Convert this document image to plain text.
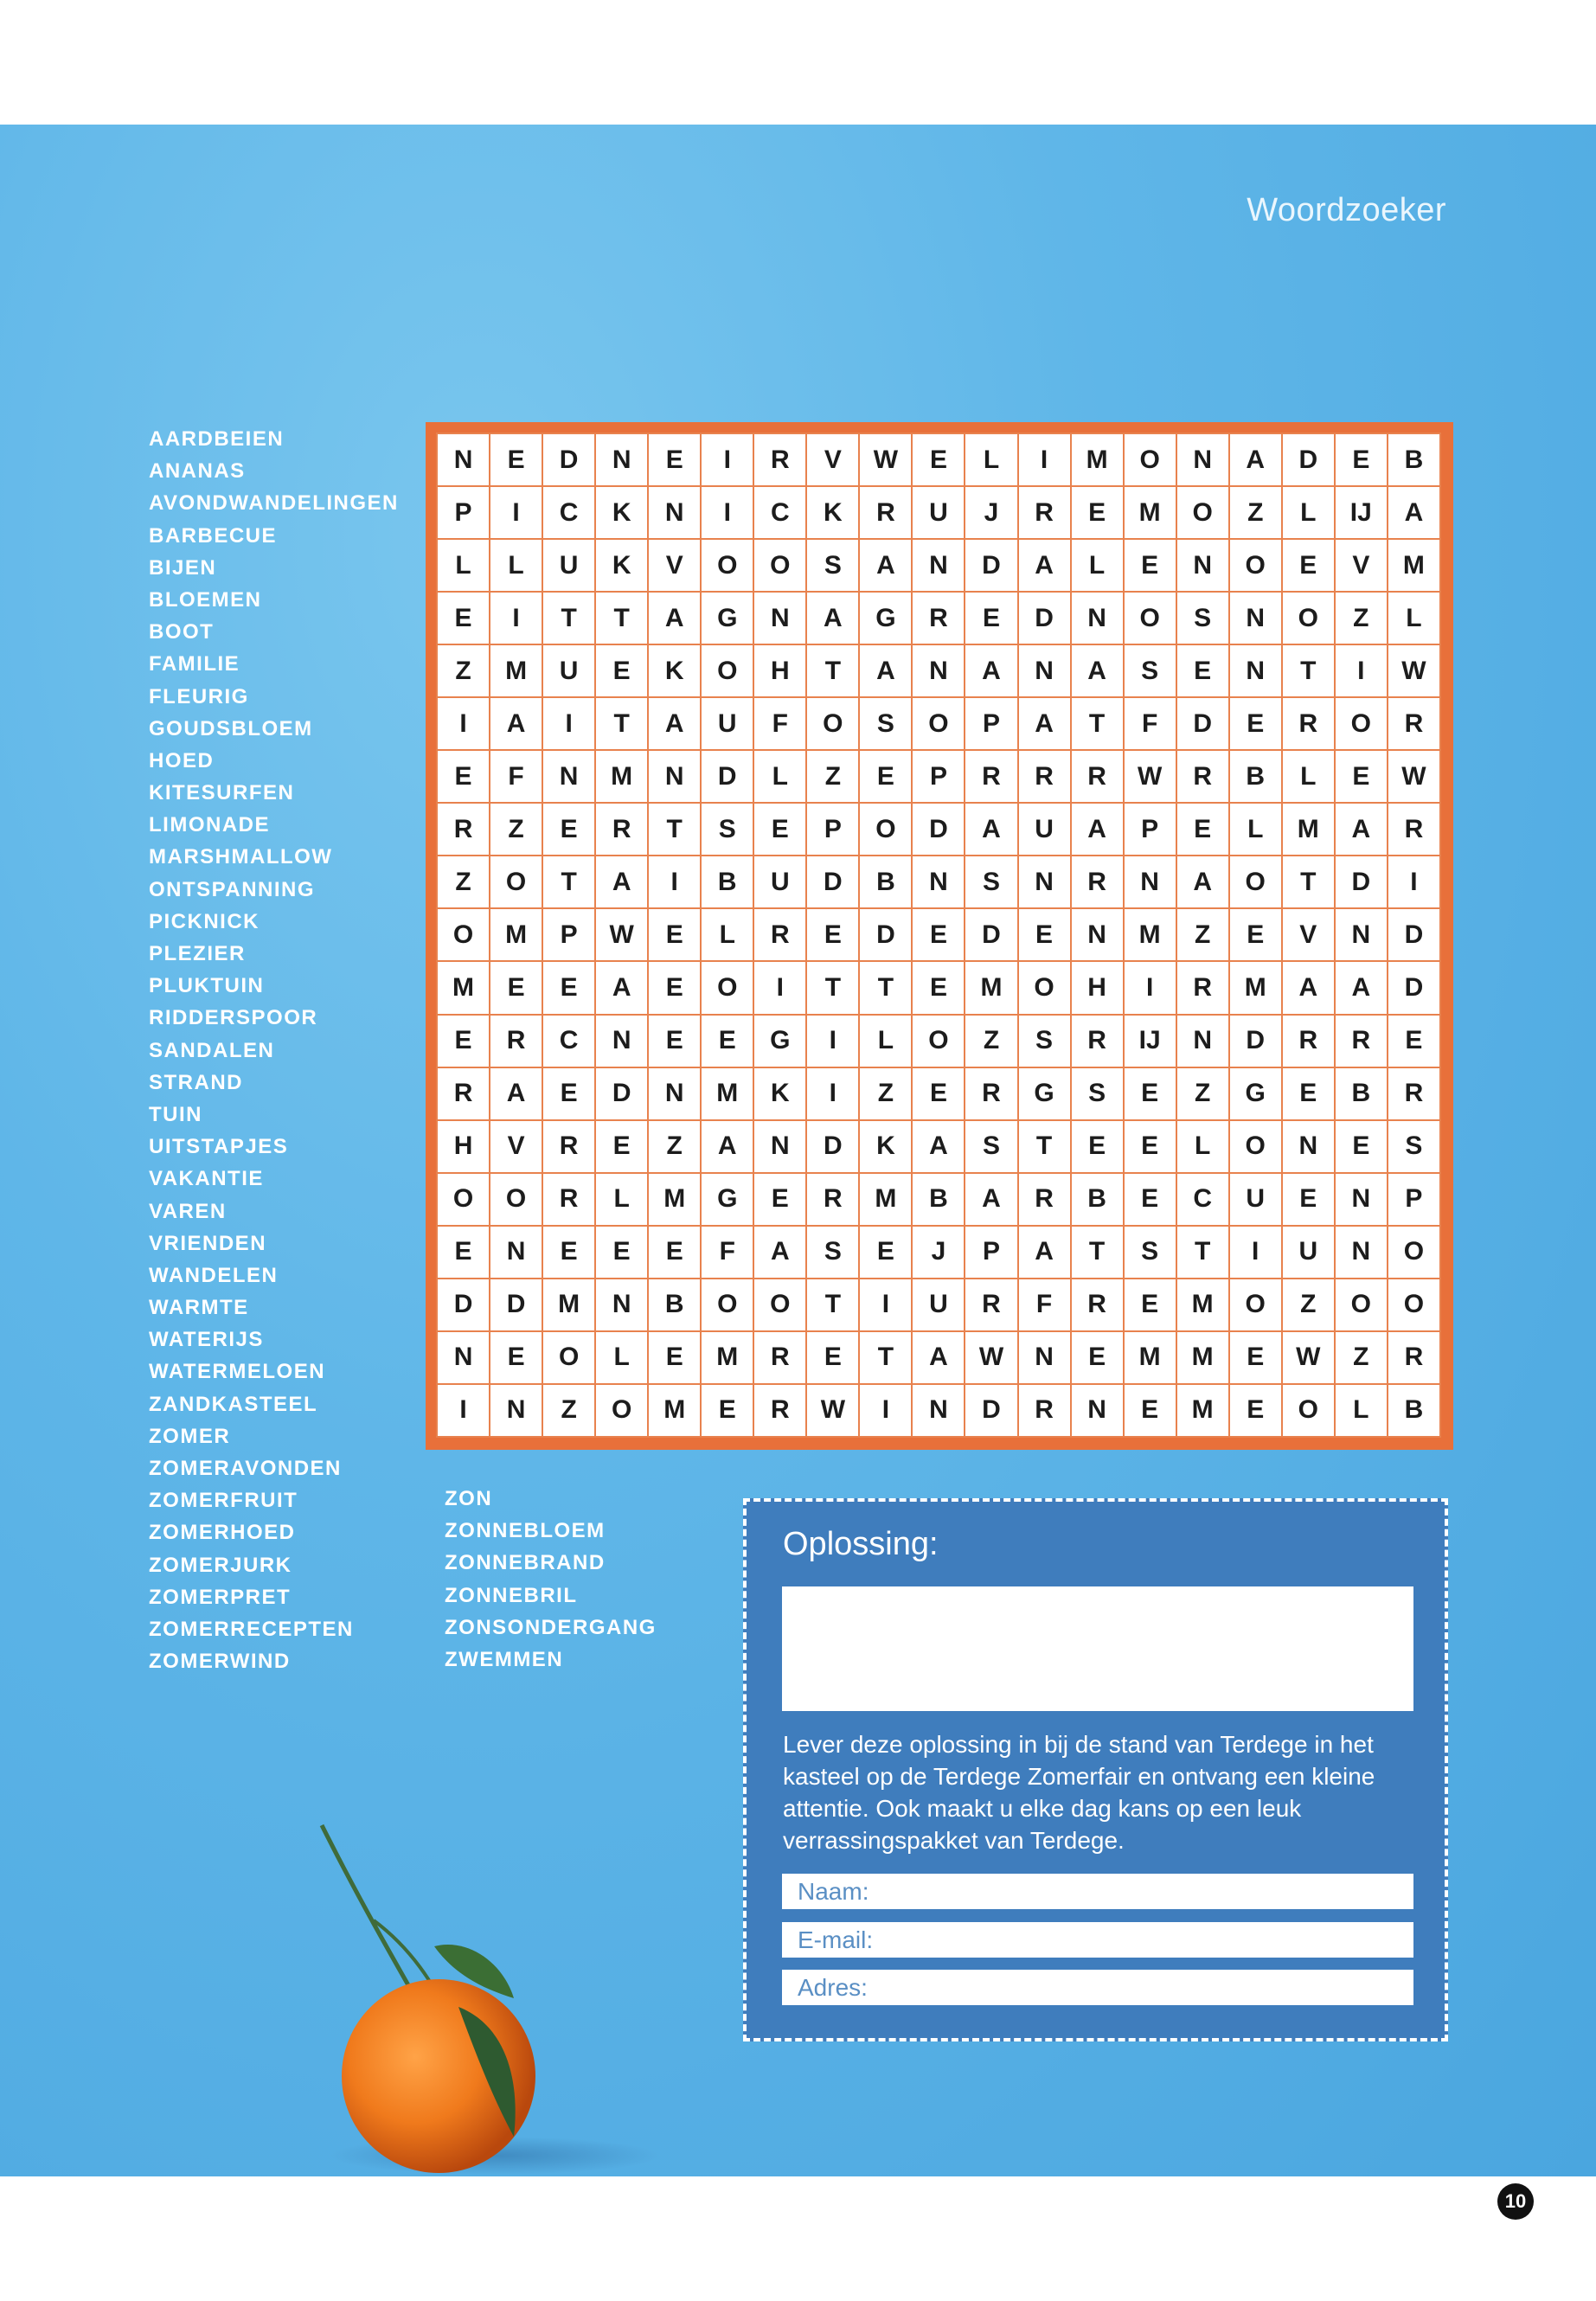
Woordzoeker
AARDBEIEN
ANANAS
AVONDWANDELINGEN
BARBECUE
BIJEN
BLOEMEN
BOOT
FAMILIE
FLEURIG
GOUDSBLOEM
HOED
KITESURFEN
LIMONADE
MARSHMALLOW
ONTSPANNING
PICKNICK
PLEZIER
PLUKTUIN
RIDDERSPOOR
SANDALEN
STRAND
TUIN
UITSTAPJES
VAKANTIE
VAREN
VRIENDEN
WANDELEN
WARMTE
WATERIJS
WATERMELOEN
ZANDKASTEEL
ZOMER
ZOMERAVONDEN
ZOMERFRUIT
ZOMERHOED
ZOMERJURK
ZOMERPRET
ZOMERRECEPTEN
ZOMERWIND
ZON
ZONNEBLOEM
ZONNEBRAND
ZONNEBRIL
ZONSONDERGANG
ZWEMMEN
N	E	D	N	E	I	R	V	W	E	L	I	M	O	N	A	D	E	B
P	I	C	K	N	I	C	K	R	U	J	R	E	M	O	Z	L	IJ	A
L	L	U	K	V	O	O	S	A	N	D	A	L	E	N	O	E	V	M
E	I	T	T	A	G	N	A	G	R	E	D	N	O	S	N	O	Z	L
Z	M	U	E	K	O	H	T	A	N	A	N	A	S	E	N	T	I	W
I	A	I	T	A	U	F	O	S	O	P	A	T	F	D	E	R	O	R
E	F	N	M	N	D	L	Z	E	P	R	R	R	W	R	B	L	E	W
R	Z	E	R	T	S	E	P	O	D	A	U	A	P	E	L	M	A	R
Z	O	T	A	I	B	U	D	B	N	S	N	R	N	A	O	T	D	I
O	M	P	W	E	L	R	E	D	E	D	E	N	M	Z	E	V	N	D
M	E	E	A	E	O	I	T	T	E	M	O	H	I	R	M	A	A	D
E	R	C	N	E	E	G	I	L	O	Z	S	R	IJ	N	D	R	R	E
R	A	E	D	N	M	K	I	Z	E	R	G	S	E	Z	G	E	B	R
H	V	R	E	Z	A	N	D	K	A	S	T	E	E	L	O	N	E	S
O	O	R	L	M	G	E	R	M	B	A	R	B	E	C	U	E	N	P
E	N	E	E	E	F	A	S	E	J	P	A	T	S	T	I	U	N	O
D	D	M	N	B	O	O	T	I	U	R	F	R	E	M	O	Z	O	O
N	E	O	L	E	M	R	E	T	A	W	N	E	M	M	E	W	Z	R
I	N	Z	O	M	E	R	W	I	N	D	R	N	E	M	E	O	L	B
Oplossing:

Lever deze oplossing in bij de stand van Terdege in het kasteel op de Terdege Zomerfair en ontvang een kleine attentie. Ook maakt u elke dag kans op een leuk verrassingspakket van Terdege.

Naam:
E-mail:
Adres:
10
